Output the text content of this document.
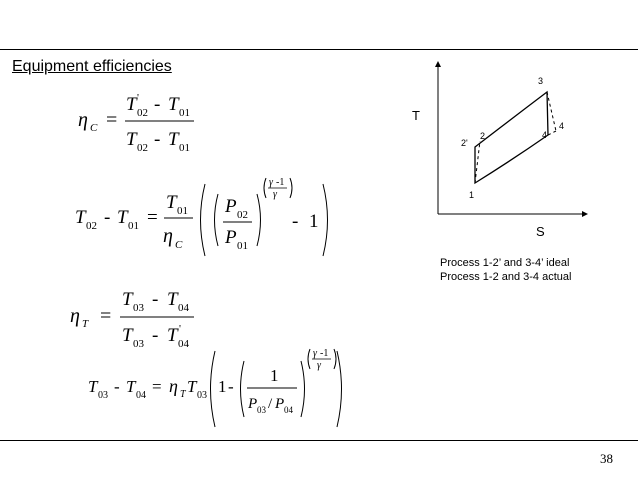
Equipment efficiencies
η C =
T 02
' - T 01
T 02 - T 01
T 02 - T 01 =
T 01
η C
P 02
P 01
γ -1
γ
- 1
η T =
T 03 - T 04
T 03 - T 04
'
T 03 - T 04 = η T T 03 1 -
1
P 03 / P 04
γ -1
γ
T
S
1
2'
2
3
4
4'
Process 1-2’ and 3-4’ ideal
Process 1-2 and 3-4 actual
38
